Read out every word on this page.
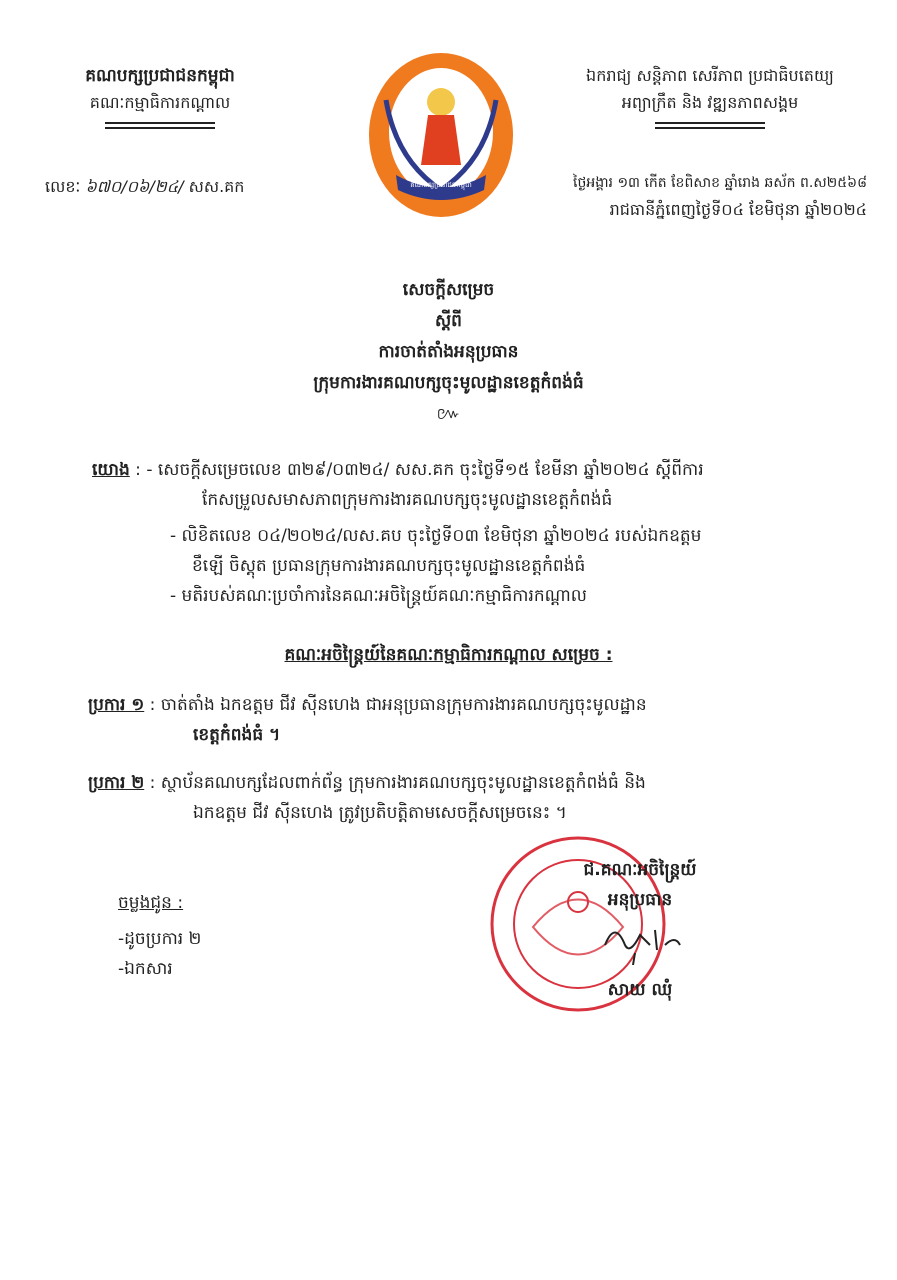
គណបក្សប្រជាជនកម្ពុជា
គណៈកម្មាធិការកណ្ដាល
គណបក្សប្រជាជនកម្ពុជា
ឯករាជ្យ សន្តិភាព សេរីភាព ប្រជាធិបតេយ្យ
អព្យាក្រឹត និង វឌ្ឍនភាពសង្គម
លេខៈ ៦៧០/០៦/២៤/ សស.គក	ថ្ងៃអង្គារ ១៣ កើត ខែពិសាខ ឆ្នាំរោង ឆស័ក ព.ស២៥៦៨
រាជធានីភ្នំពេញថ្ងៃទី០៤ ខែមិថុនា ឆ្នាំ២០២៤
សេចក្ដីសម្រេច
ស្ដីពី
ការចាត់តាំងអនុប្រធាន
ក្រុមការងារគណបក្សចុះមូលដ្ឋានខេត្តកំពង់ធំ
៚
យោង : - សេចក្ដីសម្រេចលេខ ៣២៩/០៣២៤/ សស.គក ចុះថ្ងៃទី១៥ ខែមីនា ឆ្នាំ២០២៤ ស្ដីពីការ
កែសម្រួលសមាសភាពក្រុមការងារគណបក្សចុះមូលដ្ឋានខេត្តកំពង់ធំ
- លិខិតលេខ ០៤/២០២៤/លស.គប ចុះថ្ងៃទី០៣ ខែមិថុនា ឆ្នាំ២០២៤ របស់ឯកឧត្តម
ខឹឡើ ចិស្ដុត ប្រធានក្រុមការងារគណបក្សចុះមូលដ្ឋានខេត្តកំពង់ធំ
- មតិរបស់គណៈប្រចាំការនៃគណៈអចិន្ត្រៃយ៍គណៈកម្មាធិការកណ្ដាល
គណៈអចិន្ត្រៃយ៍នៃគណៈកម្មាធិការកណ្ដាល សម្រេច :
ប្រការ ១ : ចាត់តាំង ឯកឧត្តម ជីវ ស៊ីនហេង ជាអនុប្រធានក្រុមការងារគណបក្សចុះមូលដ្ឋាន
ខេត្តកំពង់ធំ ។
ប្រការ ២ : ស្ថាប័នគណបក្សដែលពាក់ព័ន្ធ ក្រុមការងារគណបក្សចុះមូលដ្ឋានខេត្តកំពង់ធំ និង
ឯកឧត្តម ជីវ ស៊ីនហេង ត្រូវប្រតិបត្តិតាមសេចក្ដីសម្រេចនេះ ។
ចម្លងជូន :
-ដូចប្រការ ២
-ឯកសារ
ជ.គណៈអចិន្ត្រៃយ៍
អនុប្រធាន
សាយ ឈុំ
